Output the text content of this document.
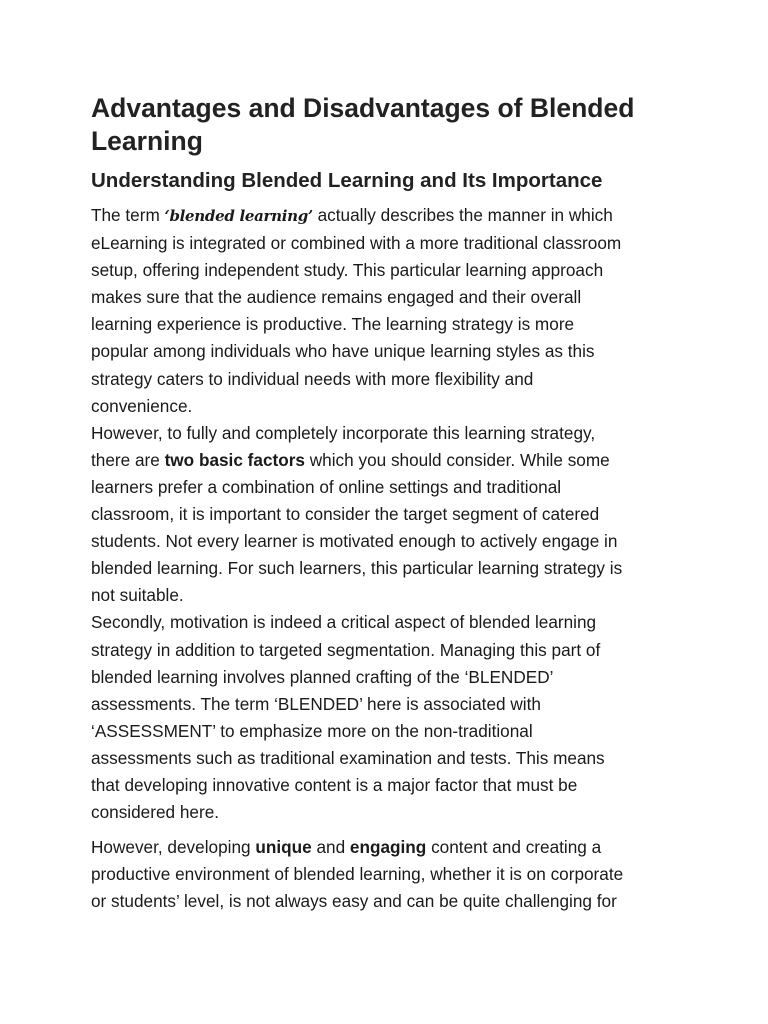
Advantages and Disadvantages of Blended Learning
Understanding Blended Learning and Its Importance
The term ‘blended learning’ actually describes the manner in which
eLearning is integrated or combined with a more traditional classroom
setup, offering independent study. This particular learning approach
makes sure that the audience remains engaged and their overall
learning experience is productive. The learning strategy is more
popular among individuals who have unique learning styles as this
strategy caters to individual needs with more flexibility and
convenience.
However, to fully and completely incorporate this learning strategy,
there are two basic factors which you should consider. While some
learners prefer a combination of online settings and traditional
classroom, it is important to consider the target segment of catered
students. Not every learner is motivated enough to actively engage in
blended learning. For such learners, this particular learning strategy is
not suitable.
Secondly, motivation is indeed a critical aspect of blended learning
strategy in addition to targeted segmentation. Managing this part of
blended learning involves planned crafting of the ‘BLENDED’
assessments. The term ‘BLENDED’ here is associated with
‘ASSESSMENT’ to emphasize more on the non-traditional
assessments such as traditional examination and tests. This means
that developing innovative content is a major factor that must be
considered here.
However, developing unique and engaging content and creating a
productive environment of blended learning, whether it is on corporate
or students’ level, is not always easy and can be quite challenging for
